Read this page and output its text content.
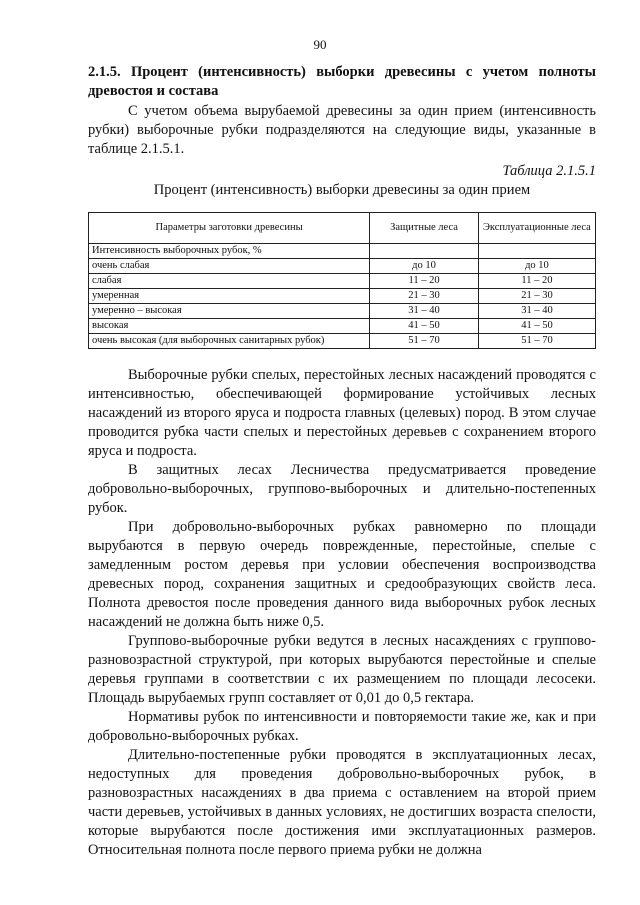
90
2.1.5. Процент (интенсивность) выборки древесины с учетом полноты древостоя и состава

С учетом объема вырубаемой древесины за один прием (интенсивность рубки) выборочные рубки подразделяются на следующие виды, указанные в таблице 2.1.5.1.

Таблица 2.1.5.1
Процент (интенсивность) выборки древесины за один прием
Параметры заготовки древесины	Защитные леса	Эксплуатационные леса
Интенсивность выборочных рубок, %		
очень слабая	до 10	до 10
слабая	11 – 20	11 – 20
умеренная	21 – 30	21 – 30
умеренно – высокая	31 – 40	31 – 40
высокая	41 – 50	41 – 50
очень высокая (для выборочных санитарных рубок)	51 – 70	51 – 70

Выборочные рубки спелых, перестойных лесных насаждений проводятся с интенсивностью, обеспечивающей формирование устойчивых лесных насаждений из второго яруса и подроста главных (целевых) пород. В этом случае проводится рубка части спелых и перестойных деревьев с сохранением второго яруса и подроста.

В защитных лесах Лесничества предусматривается проведение добровольно-выборочных, группово-выборочных и длительно-постепенных рубок.

При добровольно-выборочных рубках равномерно по площади вырубаются в первую очередь поврежденные, перестойные, спелые с замедленным ростом деревья при условии обеспечения воспроизводства древесных пород, сохранения защитных и средообразующих свойств леса. Полнота древостоя после проведения данного вида выборочных рубок лесных насаждений не должна быть ниже 0,5.

Группово-выборочные рубки ведутся в лесных насаждениях с группово-разновозрастной структурой, при которых вырубаются перестойные и спелые деревья группами в соответствии с их размещением по площади лесосеки. Площадь вырубаемых групп составляет от 0,01 до 0,5 гектара.

Нормативы рубок по интенсивности и повторяемости такие же, как и при добровольно-выборочных рубках.

Длительно-постепенные рубки проводятся в эксплуатационных лесах, недоступных для проведения добровольно-выборочных рубок, в разновозрастных насаждениях в два приема с оставлением на второй прием части деревьев, устойчивых в данных условиях, не достигших возраста спелости, которые вырубаются после достижения ими эксплуатационных размеров. Относительная полнота после первого приема рубки не должна
